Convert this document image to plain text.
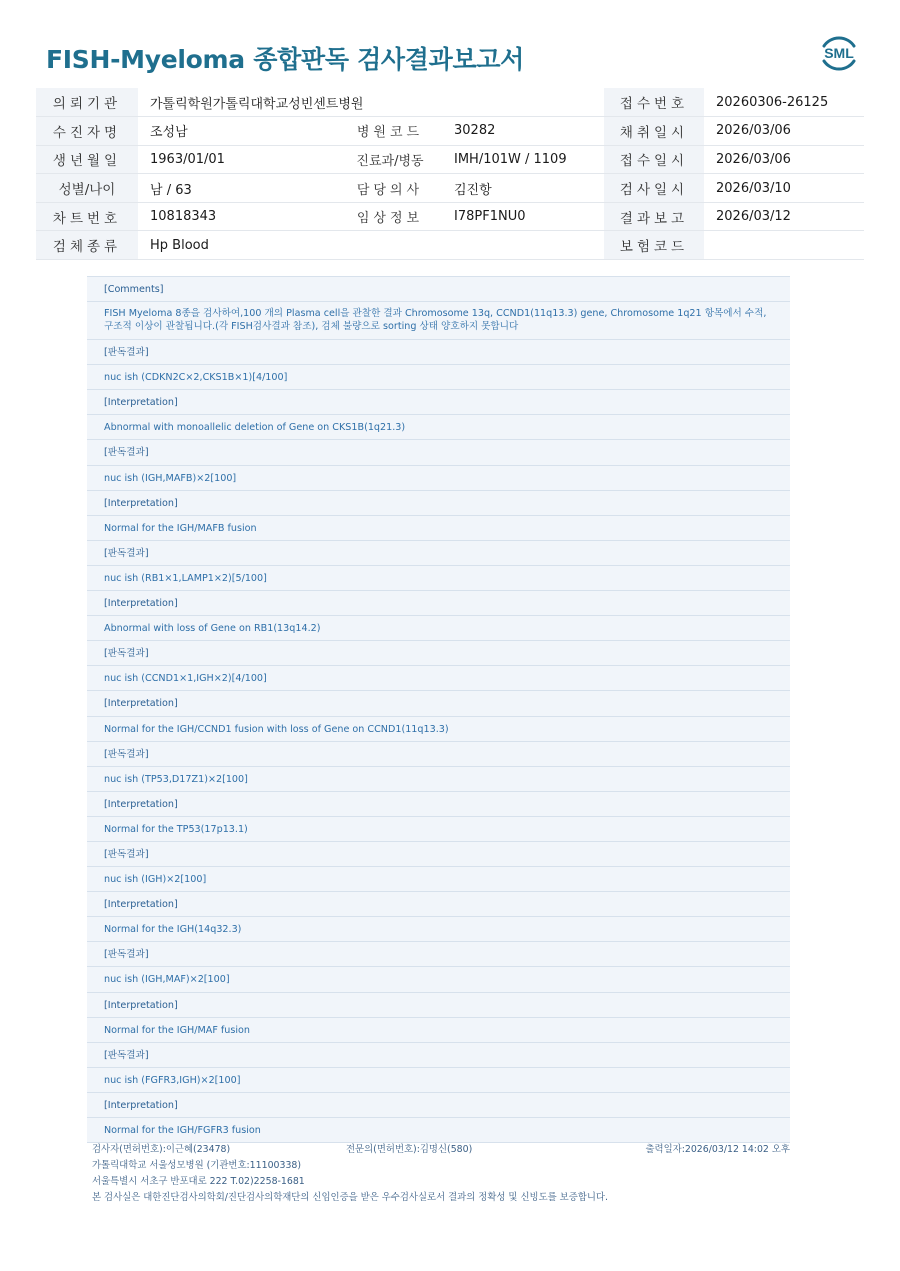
FISH-Myeloma 종합판독 검사결과보고서	SML
의뢰기관	가톨릭학원가톨릭대학교성빈센트병원			접수번호	20260306-26125
수진자명	조성남	병원코드	30282	채취일시	2026/03/06
생년월일	1963/01/01	진료과/병동	IMH/101W / 1109	접수일시	2026/03/06
성별/나이	남 / 63	담당의사	김진항	검사일시	2026/03/10
차트번호	10818343	임상정보	I78PF1NU0	결과보고	2026/03/12
검체종류	Hp Blood			보험코드	
[Comments]
FISH Myeloma 8종을 검사하여,100 개의 Plasma cell을 관찰한 결과 Chromosome 13q, CCND1(11q13.3) gene, Chromosome 1q21 항목에서 수적, 구조적 이상이 관찰됩니다.(각 FISH검사결과 참조), 검체 불량으로 sorting 상태 양호하지 못합니다
[판독결과]
nuc ish (CDKN2C×2,CKS1B×1)[4/100]
[Interpretation]
Abnormal with monoallelic deletion of Gene on CKS1B(1q21.3)
[판독결과]
nuc ish (IGH,MAFB)×2[100]
[Interpretation]
Normal for the IGH/MAFB fusion
[판독결과]
nuc ish (RB1×1,LAMP1×2)[5/100]
[Interpretation]
Abnormal with loss of Gene on RB1(13q14.2)
[판독결과]
nuc ish (CCND1×1,IGH×2)[4/100]
[Interpretation]
Normal for the IGH/CCND1 fusion with loss of Gene on CCND1(11q13.3)
[판독결과]
nuc ish (TP53,D17Z1)×2[100]
[Interpretation]
Normal for the TP53(17p13.1)
[판독결과]
nuc ish (IGH)×2[100]
[Interpretation]
Normal for the IGH(14q32.3)
[판독결과]
nuc ish (IGH,MAF)×2[100]
[Interpretation]
Normal for the IGH/MAF fusion
[판독결과]
nuc ish (FGFR3,IGH)×2[100]
[Interpretation]
Normal for the IGH/FGFR3 fusion
검사자(면허번호):이근혜(23478)	전문의(면허번호):김명신(580)	출력일자:2026/03/12 14:02 오후
가톨릭대학교 서울성모병원 (기관번호:11100338)
서울특별시 서초구 반포대로 222 T.02)2258-1681
본 검사실은 대한진단검사의학회/진단검사의학재단의 신임인증을 받은 우수검사실로서 결과의 정확성 및 신빙도를 보증합니다.
